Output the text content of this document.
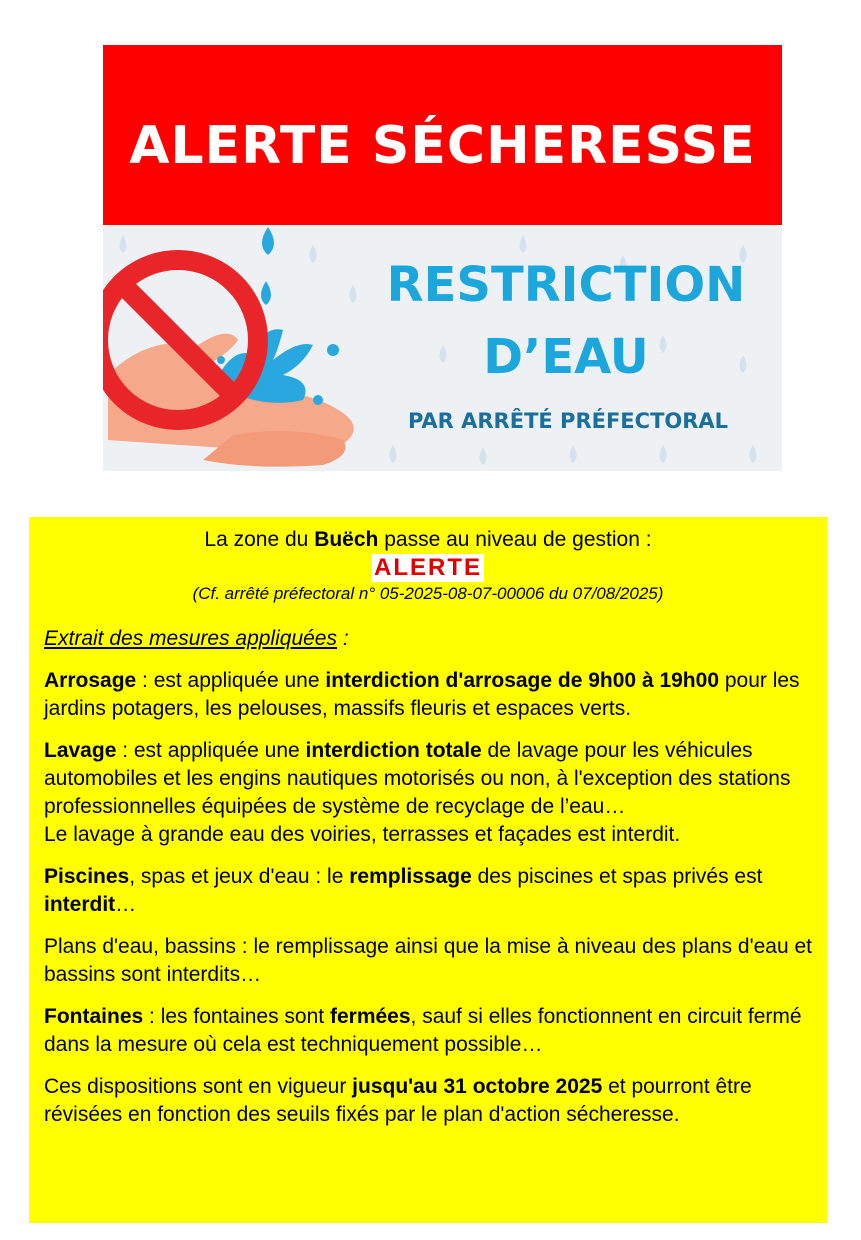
ALERTE SÉCHERESSE
RESTRICTION
D’EAU
PAR ARRÊTÉ PRÉFECTORAL
La zone du Buëch passe au niveau de gestion :
ALERTE
(Cf. arrêté préfectoral n° 05-2025-08-07-00006 du 07/08/2025)
Extrait des mesures appliquées :

Arrosage : est appliquée une interdiction d'arrosage de 9h00 à 19h00 pour les jardins potagers, les pelouses, massifs fleuris et espaces verts.

Lavage : est appliquée une interdiction totale de lavage pour les véhicules automobiles et les engins nautiques motorisés ou non, à l'exception des stations professionnelles équipées de système de recyclage de l’eau…
Le lavage à grande eau des voiries, terrasses et façades est interdit.

Piscines, spas et jeux d'eau : le remplissage des piscines et spas privés est interdit…

Plans d'eau, bassins : le remplissage ainsi que la mise à niveau des plans d'eau et bassins sont interdits…

Fontaines : les fontaines sont fermées, sauf si elles fonctionnent en circuit fermé dans la mesure où cela est techniquement possible…

Ces dispositions sont en vigueur jusqu'au 31 octobre 2025 et pourront être révisées en fonction des seuils fixés par le plan d'action sécheresse.
